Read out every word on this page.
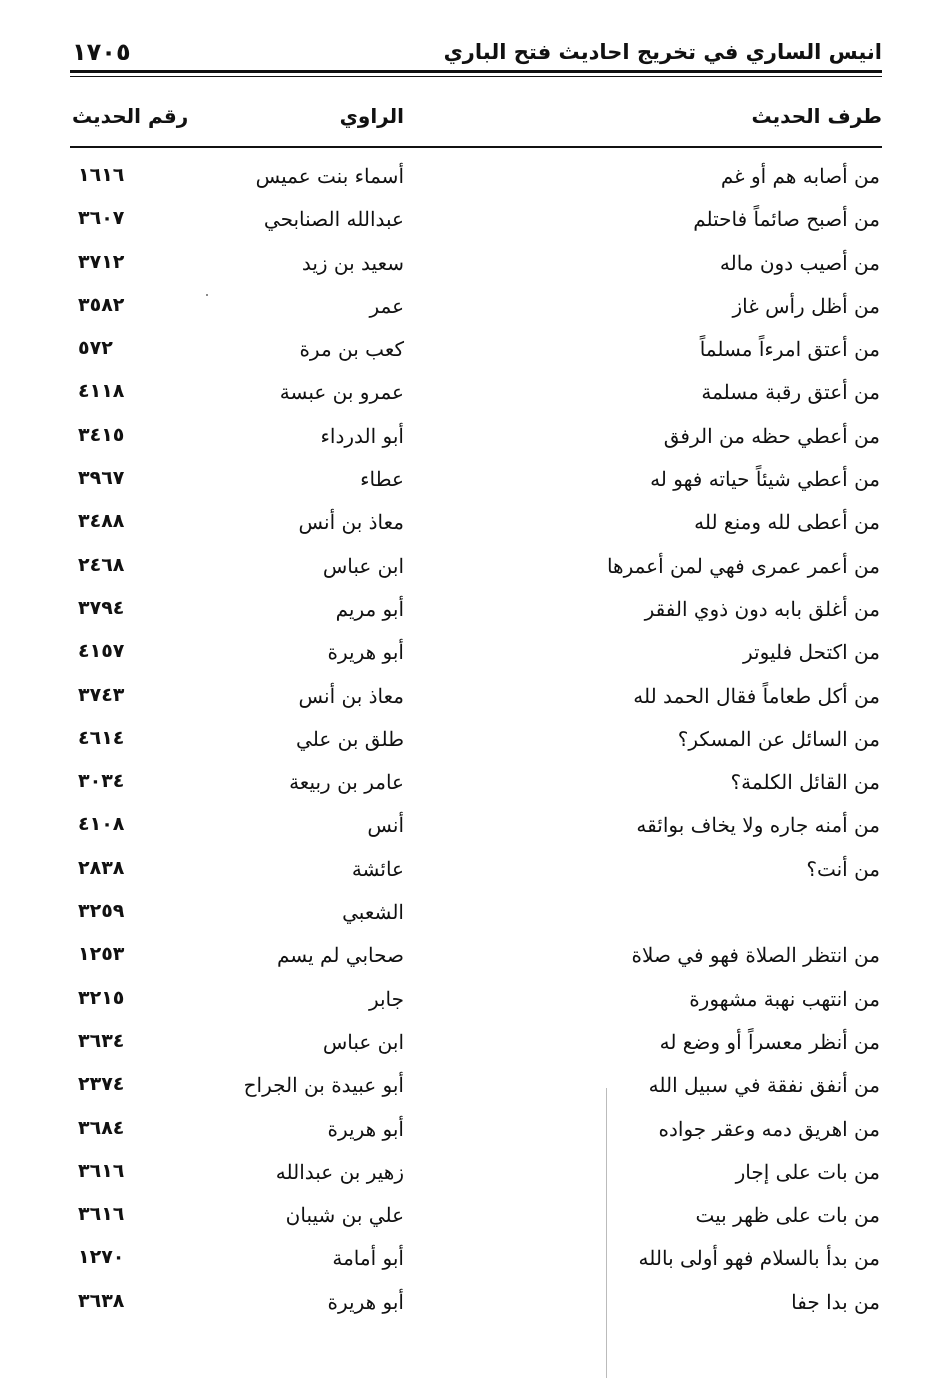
انيس الساري في تخريج احاديث فتح الباري
١٧٠٥
طرف الحديث
الراوي
رقم الحديث
من أصابه هم أو غم
أسماء بنت عميس
١٦١٦
من أصبح صائماً فاحتلم
عبدالله الصنابحي
٣٦٠٧
من أصيب دون ماله
سعيد بن زيد
٣٧١٢
من أظل رأس غاز
عمر
٣٥٨٢
من أعتق امرءاً مسلماً
كعب بن مرة
٥٧٢
من أعتق رقبة مسلمة
عمرو بن عبسة
٤١١٨
من أعطي حظه من الرفق
أبو الدرداء
٣٤١٥
من أعطي شيئاً حياته فهو له
عطاء
٣٩٦٧
من أعطى لله ومنع لله
معاذ بن أنس
٣٤٨٨
من أعمر عمرى فهي لمن أعمرها
ابن عباس
٢٤٦٨
من أغلق بابه دون ذوي الفقر
أبو مريم
٣٧٩٤
من اكتحل فليوتر
أبو هريرة
٤١٥٧
من أكل طعاماً فقال الحمد لله
معاذ بن أنس
٣٧٤٣
من السائل عن المسكر؟
طلق بن علي
٤٦١٤
من القائل الكلمة؟
عامر بن ربيعة
٣٠٣٤
من أمنه جاره ولا يخاف بوائقه
أنس
٤١٠٨
من أنت؟
عائشة
٢٨٣٨
الشعبي
٣٢٥٩
من انتظر الصلاة فهو في صلاة
صحابي لم يسم
١٢٥٣
من انتهب نهبة مشهورة
جابر
٣٢١٥
من أنظر معسراً أو وضع له
ابن عباس
٣٦٣٤
من أنفق نفقة في سبيل الله
أبو عبيدة بن الجراح
٢٣٧٤
من اهريق دمه وعقر جواده
أبو هريرة
٣٦٨٤
من بات على إجار
زهير بن عبدالله
٣٦١٦
من بات على ظهر بيت
علي بن شيبان
٣٦١٦
من بدأ بالسلام فهو أولى بالله
أبو أمامة
١٢٧٠
من بدا جفا
أبو هريرة
٣٦٣٨
